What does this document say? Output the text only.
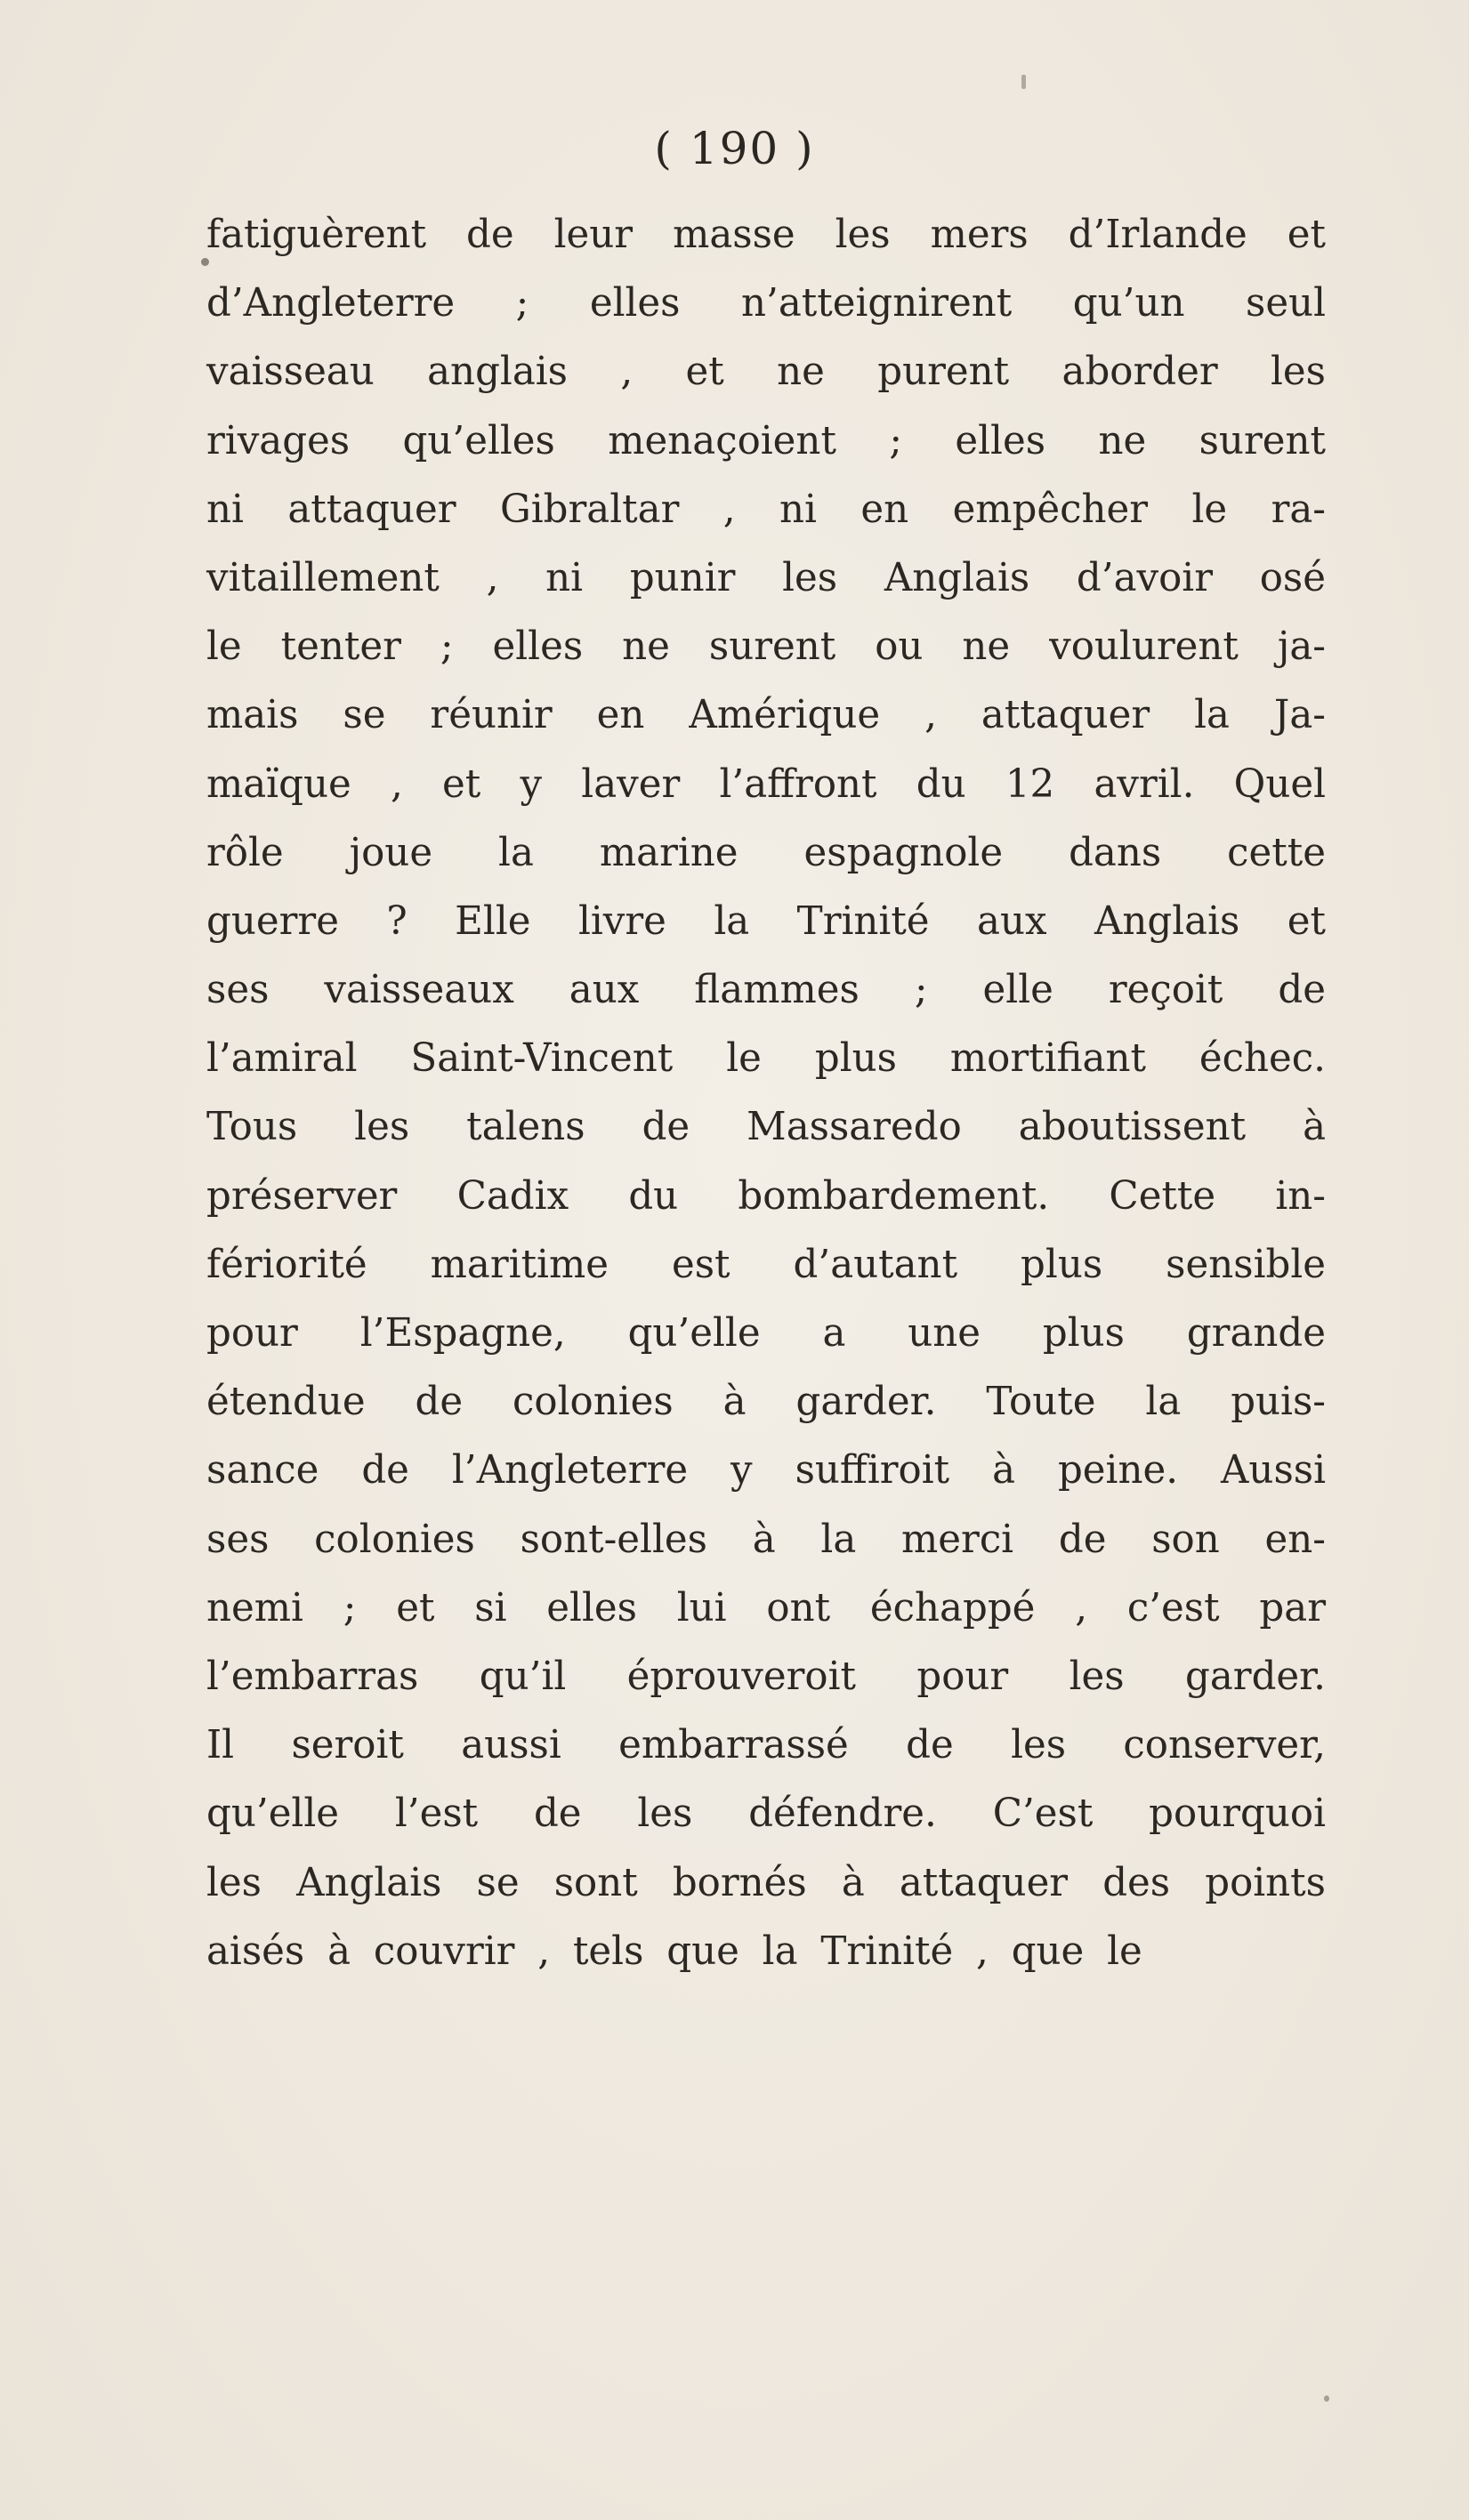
( 190 )
fatiguèrent de leur masse les mers d’Irlande et
d’Angleterre ; elles n’atteignirent qu’un seul
vaisseau anglais , et ne purent aborder les
rivages qu’elles menaçoient ; elles ne surent
ni attaquer Gibraltar , ni en empêcher le ra-
vitaillement , ni punir les Anglais d’avoir osé
le tenter ; elles ne surent ou ne voulurent ja-
mais se réunir en Amérique , attaquer la Ja-
maïque , et y laver l’affront du 12 avril. Quel
rôle joue la marine espagnole dans cette
guerre ? Elle livre la Trinité aux Anglais et
ses vaisseaux aux flammes ; elle reçoit de
l’amiral Saint-Vincent le plus mortifiant échec.
Tous les talens de Massaredo aboutissent à
préserver Cadix du bombardement. Cette in-
fériorité maritime est d’autant plus sensible
pour l’Espagne, qu’elle a une plus grande
étendue de colonies à garder. Toute la puis-
sance de l’Angleterre y suffiroit à peine. Aussi
ses colonies sont-elles à la merci de son en-
nemi ; et si elles lui ont échappé , c’est par
l’embarras qu’il éprouveroit pour les garder.
Il seroit aussi embarrassé de les conserver,
qu’elle l’est de les défendre. C’est pourquoi
les Anglais se sont bornés à attaquer des points
aisés à couvrir , tels que la Trinité , que le
